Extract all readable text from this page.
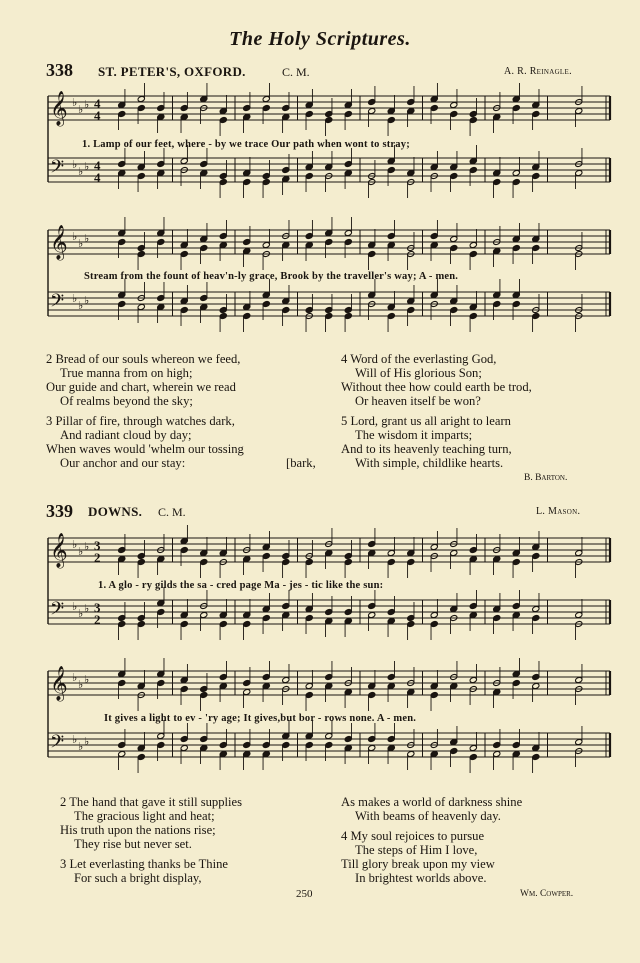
The Holy Scriptures.
338 ST. PETER'S, OXFORD.	C. M.	A. R. Reinagle.
𝄞 ♭
♭ ♭ 4
4
𝄢 ♭
♭ ♭ 4
4
1. Lamp of our feet, where - by we trace Our path when wont to stray;
𝄞 ♭
♭ ♭
𝄢 ♭
♭ ♭
Stream from the fount of heav'n-ly grace, Brook by the traveller's way; A - men.
2 Bread of our souls whereon we feed,
True manna from on high;
Our guide and chart, wherein we read
Of realms beyond the sky;
3 Pillar of fire, through watches dark,
And radiant cloud by day;
When waves would 'whelm our tossing
Our anchor and our stay:	[bark,
4 Word of the everlasting God,
Will of His glorious Son;
Without thee how could earth be trod,
Or heaven itself be won?
5 Lord, grant us all aright to learn
The wisdom it imparts;
And to its heavenly teaching turn,
With simple, childlike hearts.
B. Barton.
339 DOWNS. C. M.	L. Mason.
𝄞 ♭
♭ ♭ 3
2
𝄢 ♭
♭ ♭ 3
2
1. A glo - ry gilds the sa - cred page Ma - jes - tic like the sun:
𝄞 ♭
♭ ♭
𝄢 ♭
♭ ♭
It gives a light to ev - 'ry age; It gives,but bor - rows none. A - men.
2 The hand that gave it still supplies
The gracious light and heat;
His truth upon the nations rise;
They rise but never set.
3 Let everlasting thanks be Thine
For such a bright display,
As makes a world of darkness shine
With beams of heavenly day.
4 My soul rejoices to pursue
The steps of Him I love,
Till glory break upon my view
In brightest worlds above.
250	Wm. Cowper.
